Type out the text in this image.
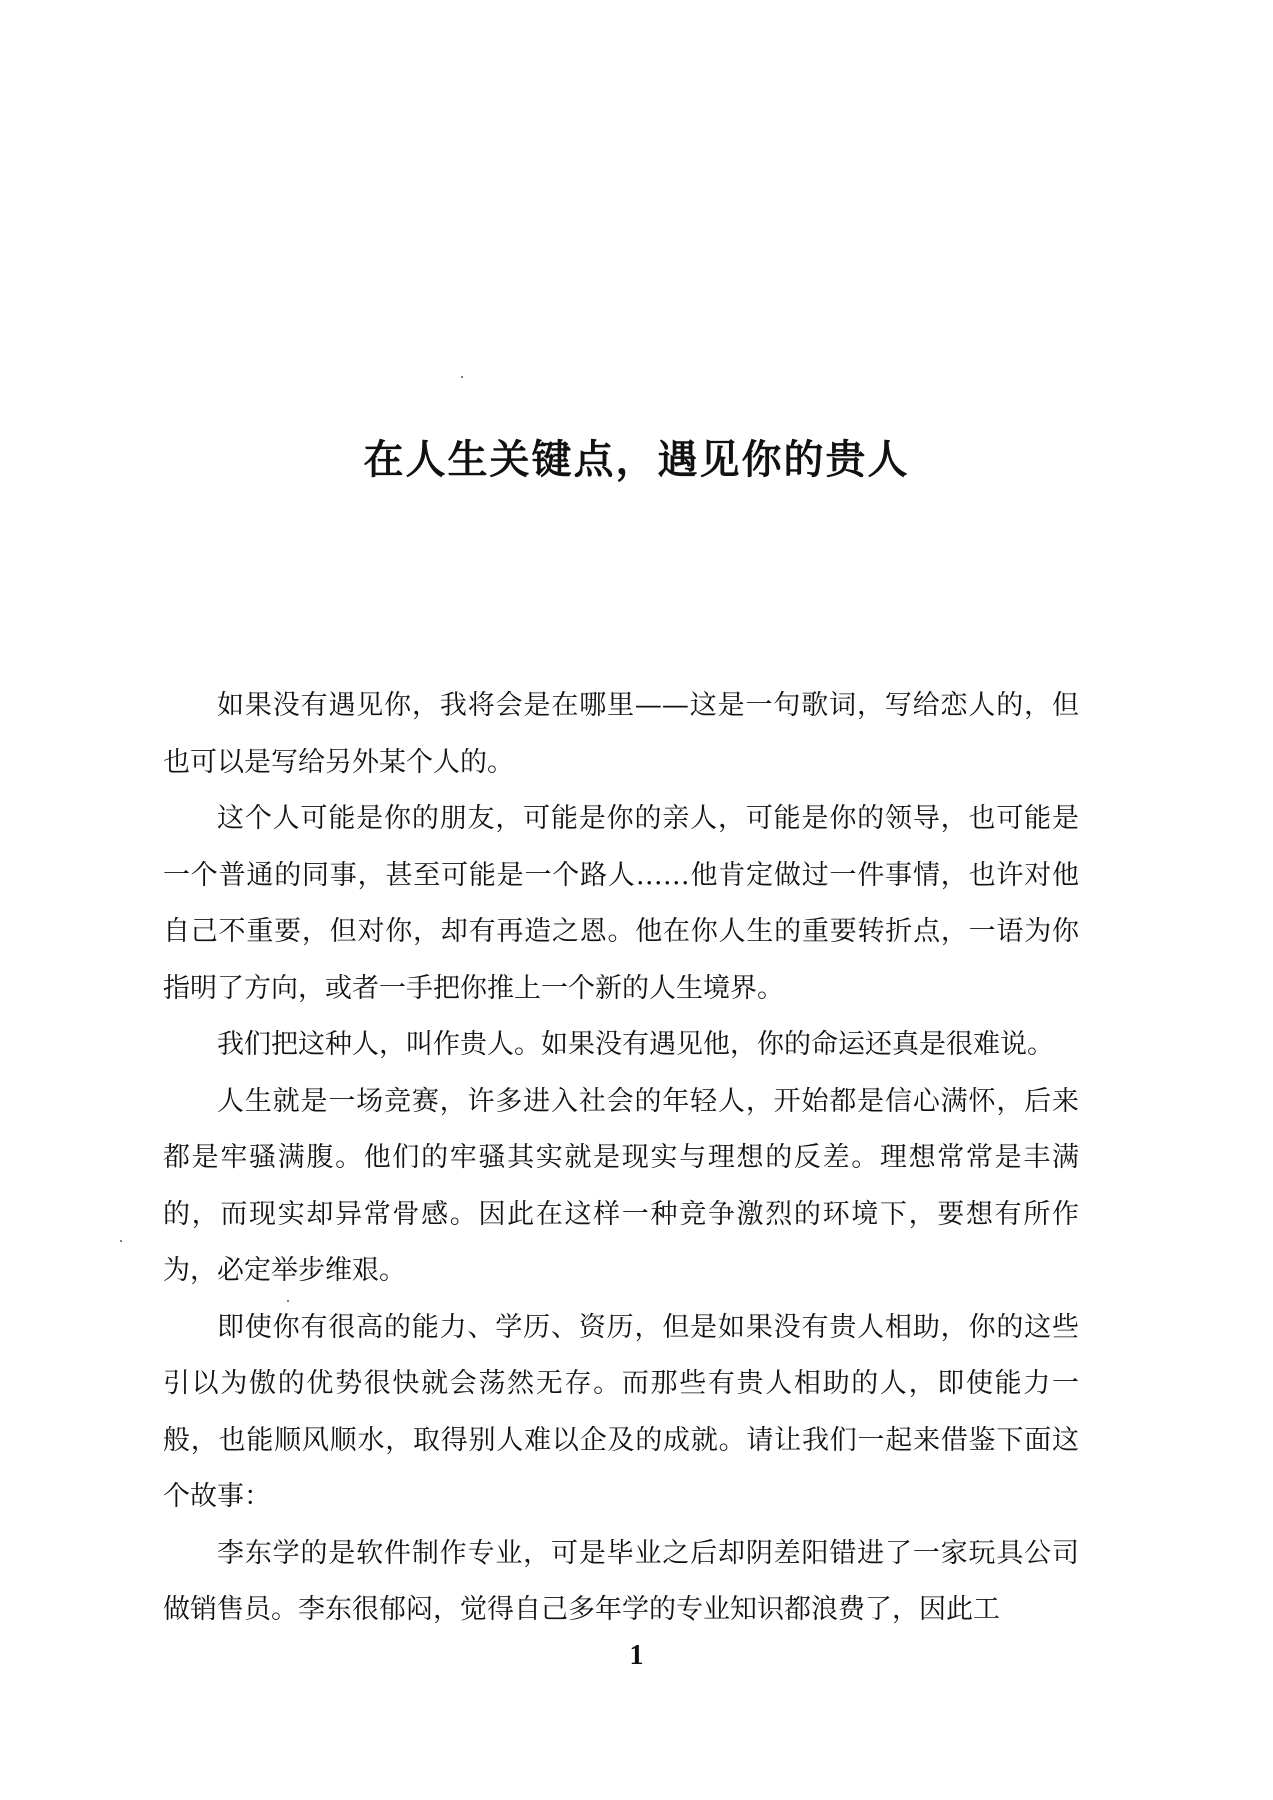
在人生关键点，遇见你的贵人

如果没有遇见你，我将会是在哪里——这是一句歌词，写给恋人的，但也可以是写给另外某个人的。

这个人可能是你的朋友，可能是你的亲人，可能是你的领导，也可能是一个普通的同事，甚至可能是一个路人……他肯定做过一件事情，也许对他自己不重要，但对你，却有再造之恩。他在你人生的重要转折点，一语为你指明了方向，或者一手把你推上一个新的人生境界。

我们把这种人，叫作贵人。如果没有遇见他，你的命运还真是很难说。

人生就是一场竞赛，许多进入社会的年轻人，开始都是信心满怀，后来都是牢骚满腹。他们的牢骚其实就是现实与理想的反差。理想常常是丰满的，而现实却异常骨感。因此在这样一种竞争激烈的环境下，要想有所作为，必定举步维艰。

即使你有很高的能力、学历、资历，但是如果没有贵人相助，你的这些引以为傲的优势很快就会荡然无存。而那些有贵人相助的人，即使能力一般，也能顺风顺水，取得别人难以企及的成就。请让我们一起来借鉴下面这个故事：

李东学的是软件制作专业，可是毕业之后却阴差阳错进了一家玩具公司做销售员。李东很郁闷，觉得自己多年学的专业知识都浪费了，因此工

1
